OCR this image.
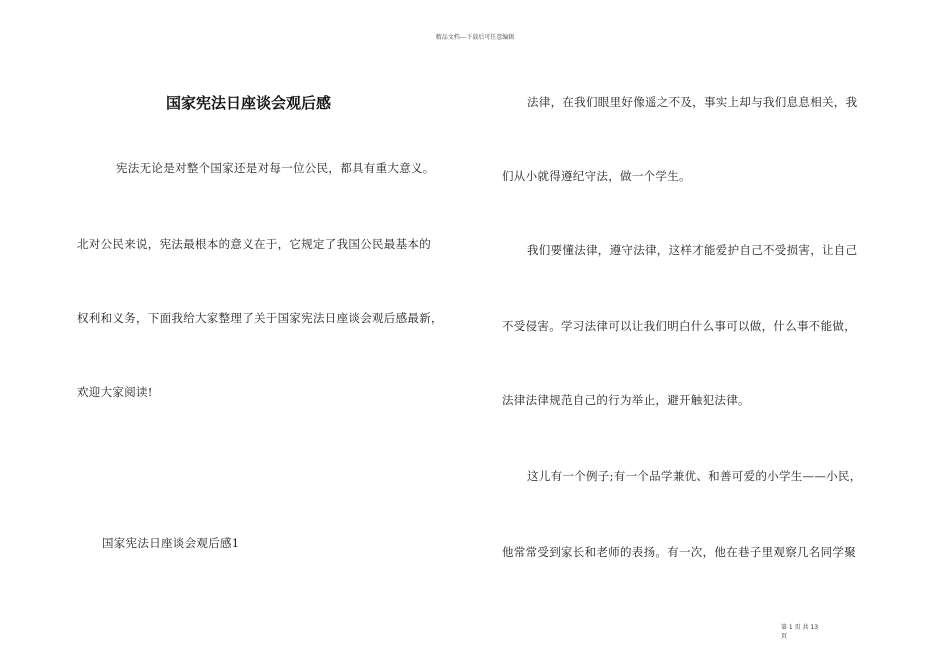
精品文档---下载后可任意编辑
国家宪法日座谈会观后感
宪法无论是对整个国家还是对每一位公民，都具有重大意义。
北对公民来说，宪法最根本的意义在于，它规定了我国公民最基本的
权利和义务，下面我给大家整理了关于国家宪法日座谈会观后感最新，
欢迎大家阅读!
国家宪法日座谈会观后感1
法律，在我们眼里好像遥之不及，事实上却与我们息息相关，我
们从小就得遵纪守法，做一个学生。
我们要懂法律，遵守法律，这样才能爱护自己不受损害，让自己
不受侵害。学习法律可以让我们明白什么事可以做，什么事不能做，
法律法律规范自己的行为举止，避开触犯法律。
这儿有一个例子;有一个品学兼优、和善可爱的小学生——小民，
他常常受到家长和老师的表扬。有一次，他在巷子里观察几名同学聚
第 1 页 共 13
页
